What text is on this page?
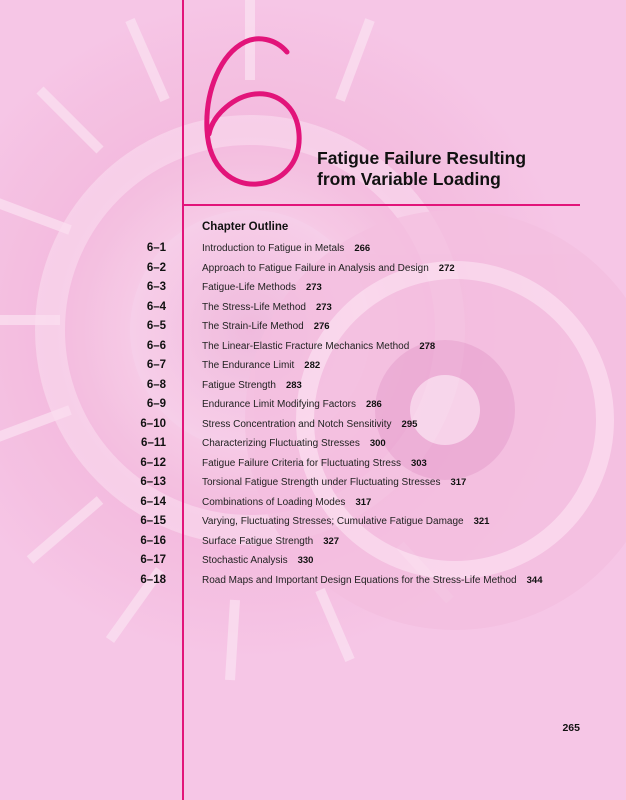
Fatigue Failure Resulting
from Variable Loading
Chapter Outline
6–1	Introduction to Fatigue in Metals 266
6–2	Approach to Fatigue Failure in Analysis and Design 272
6–3	Fatigue-Life Methods 273
6–4	The Stress-Life Method 273
6–5	The Strain-Life Method 276
6–6	The Linear-Elastic Fracture Mechanics Method 278
6–7	The Endurance Limit 282
6–8	Fatigue Strength 283
6–9	Endurance Limit Modifying Factors 286
6–10	Stress Concentration and Notch Sensitivity 295
6–11	Characterizing Fluctuating Stresses 300
6–12	Fatigue Failure Criteria for Fluctuating Stress 303
6–13	Torsional Fatigue Strength under Fluctuating Stresses 317
6–14	Combinations of Loading Modes 317
6–15	Varying, Fluctuating Stresses; Cumulative Fatigue Damage 321
6–16	Surface Fatigue Strength 327
6–17	Stochastic Analysis 330
6–18	Road Maps and Important Design Equations for the Stress-Life Method 344
265
